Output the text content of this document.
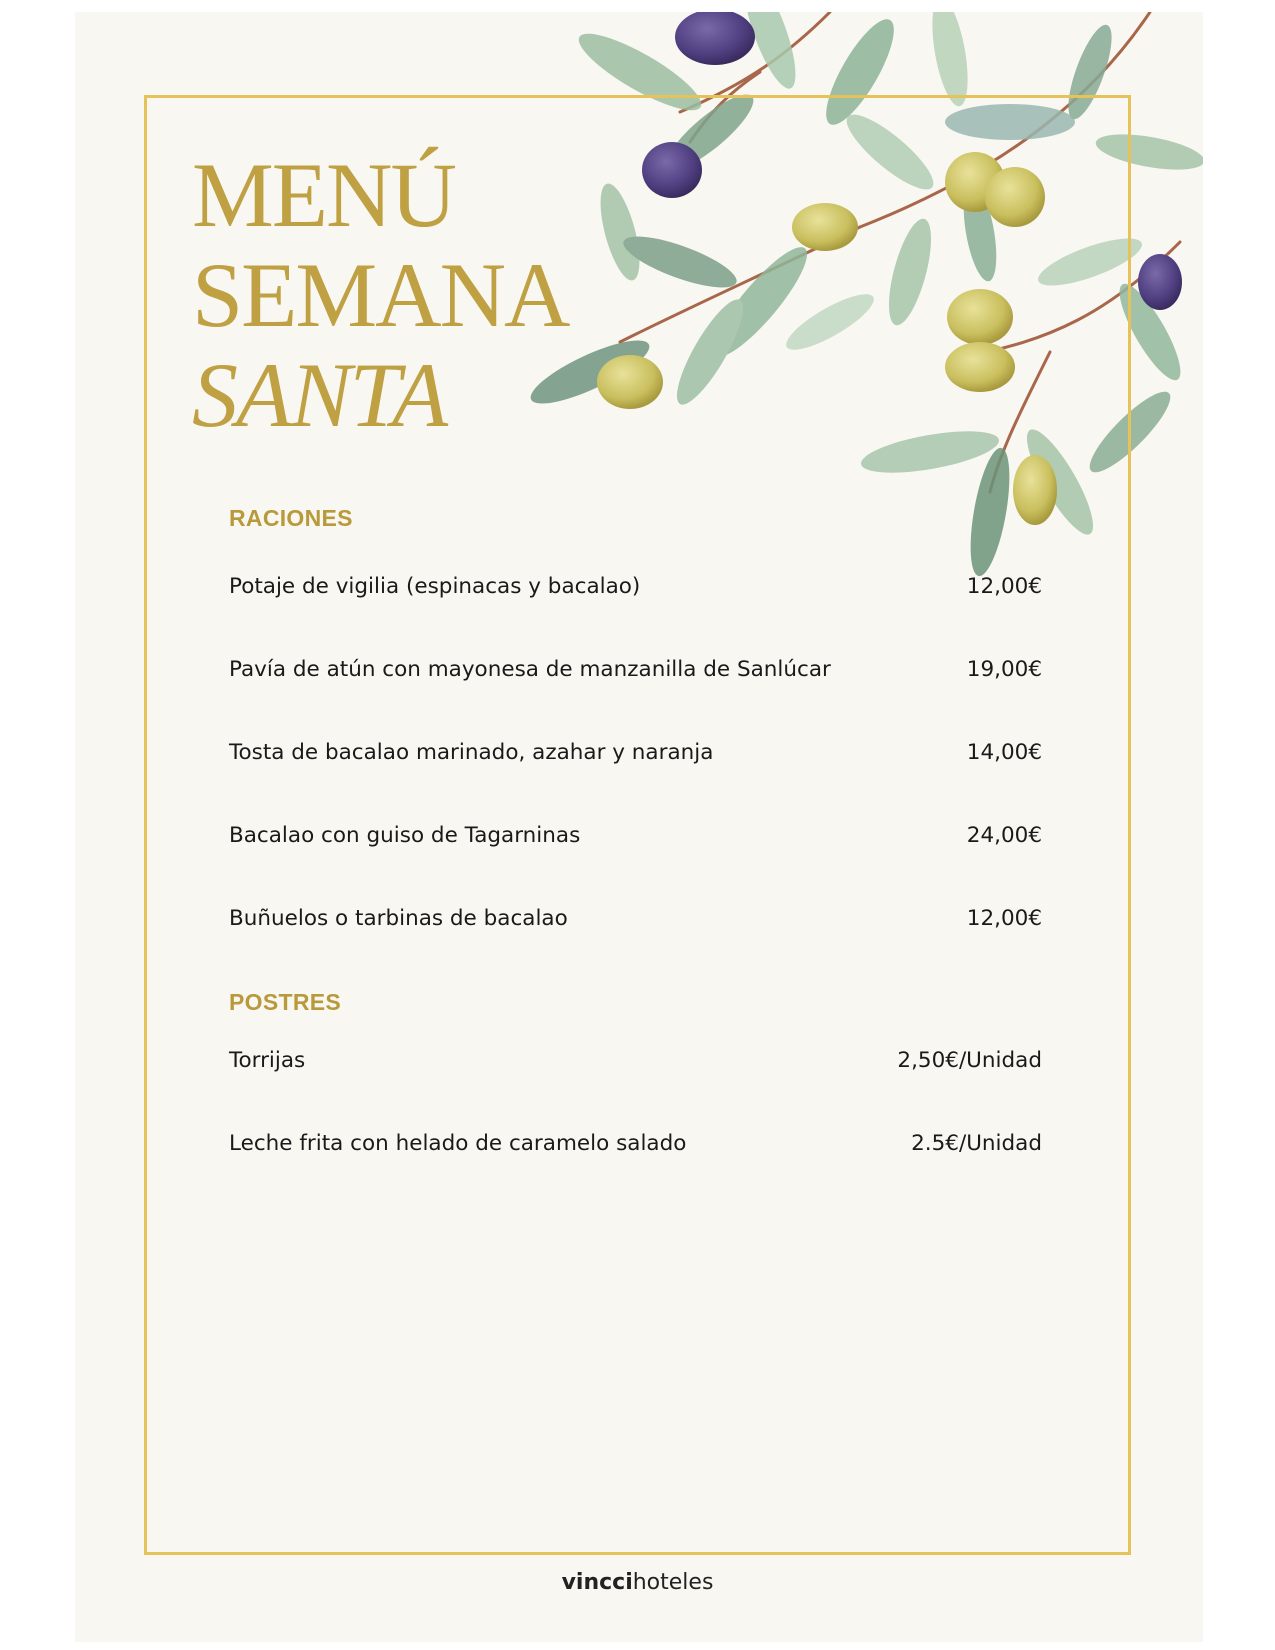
MENÚ
SEMANA
SANTA
RACIONES
Potaje de vigilia (espinacas y bacalao)	12,00€
Pavía de atún con mayonesa de manzanilla de Sanlúcar	19,00€
Tosta de bacalao marinado, azahar y naranja	14,00€
Bacalao con guiso de Tagarninas	24,00€
Buñuelos o tarbinas de bacalao	12,00€
POSTRES
Torrijas	2,50€/Unidad
Leche frita con helado de caramelo salado	2.5€/Unidad
vinccihoteles
